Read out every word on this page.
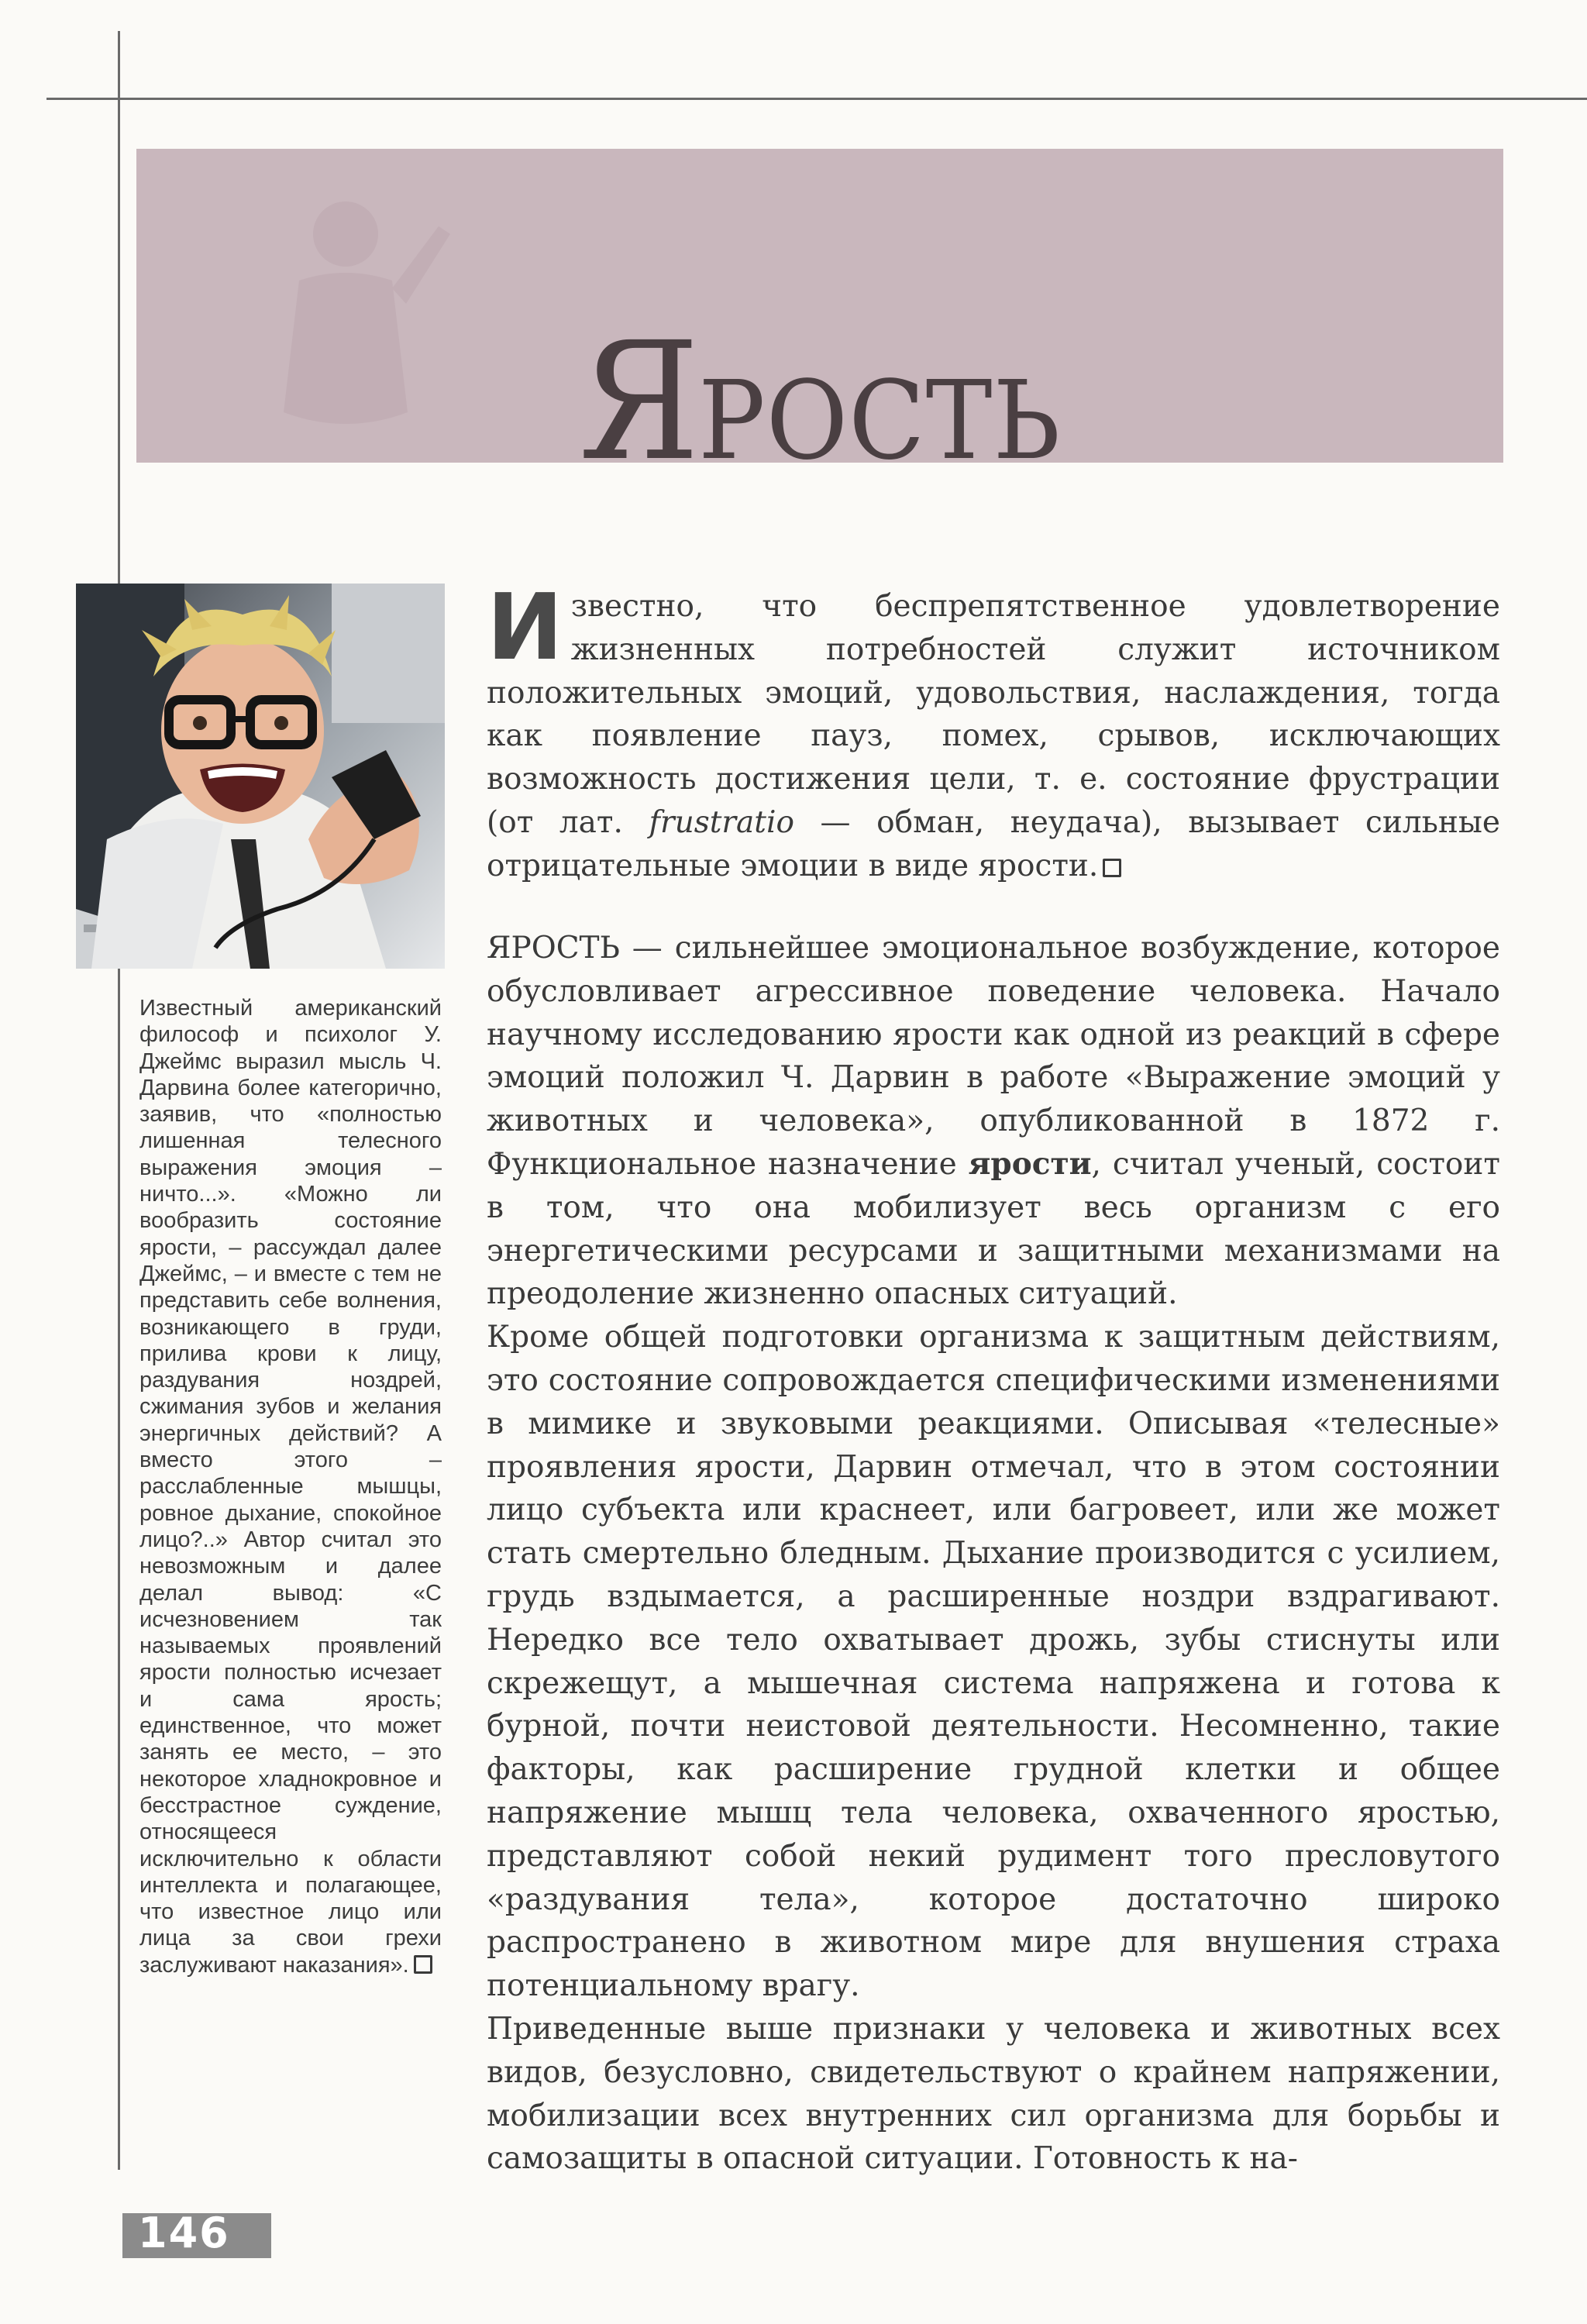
ЯРОСТЬ
Известный американский философ и психолог У. Джеймс выразил мысль Ч. Дарвина более категорично, заявив, что «полностью лишенная телесного выражения эмоция – ничто...». «Можно ли вообразить состояние ярости, – рассуждал далее Джеймс, – и вместе с тем не представить себе волнения, возникающего в груди, прилива крови к лицу, раздувания ноздрей, сжимания зубов и желания энергичных действий? А вместо этого – расслабленные мышцы, ровное дыхание, спокойное лицо?..» Автор считал это невозможным и далее делал вывод: «С исчезновением так называемых проявлений ярости полностью исчезает и сама ярость; единственное, что может занять ее место, – это некоторое хладнокровное и бесстрастное суждение, относящееся исключительно к области интеллекта и полагающее, что известное лицо или лица за свои грехи заслуживают наказания».
Известно, что беспрепятственное удовлетворение жизненных потребностей служит источником положительных эмоций, удовольствия, наслаждения, тогда как появление пауз, помех, срывов, исключающих возможность достижения цели, т. е. состояние фрустрации (от лат. frustratio — обман, неудача), вызывает сильные отрицательные эмоции в виде ярости.

ЯРОСТЬ — сильнейшее эмоциональное возбуждение, которое обусловливает агрессивное поведение человека. Начало научному исследованию ярости как одной из реакций в сфере эмоций положил Ч. Дарвин в работе «Выражение эмоций у животных и человека», опубликованной в 1872 г. Функциональное назначение ярости, считал ученый, состоит в том, что она мобилизует весь организм с его энергетическими ресурсами и защитными механизмами на преодоление жизненно опасных ситуаций.

Кроме общей подготовки организма к защитным действиям, это состояние сопровождается специфическими изменениями в мимике и звуковыми реакциями. Описывая «телесные» проявления ярости, Дарвин отмечал, что в этом состоянии лицо субъекта или краснеет, или багровеет, или же может стать смертельно бледным. Дыхание производится с усилием, грудь вздымается, а расширенные ноздри вздрагивают. Нередко все тело охватывает дрожь, зубы стиснуты или скрежещут, а мышечная система напряжена и готова к бурной, почти неистовой деятельности. Несомненно, такие факторы, как расширение грудной клетки и общее напряжение мышц тела человека, охваченного яростью, представляют собой некий рудимент того пресловутого «раздувания тела», которое достаточно широко распространено в животном мире для внушения страха потенциальному врагу.

Приведенные выше признаки у человека и животных всех видов, безусловно, свидетельствуют о крайнем напряжении, мобилизации всех внутренних сил организма для борьбы и самозащиты в опасной ситуации. Готовность к на-

146
